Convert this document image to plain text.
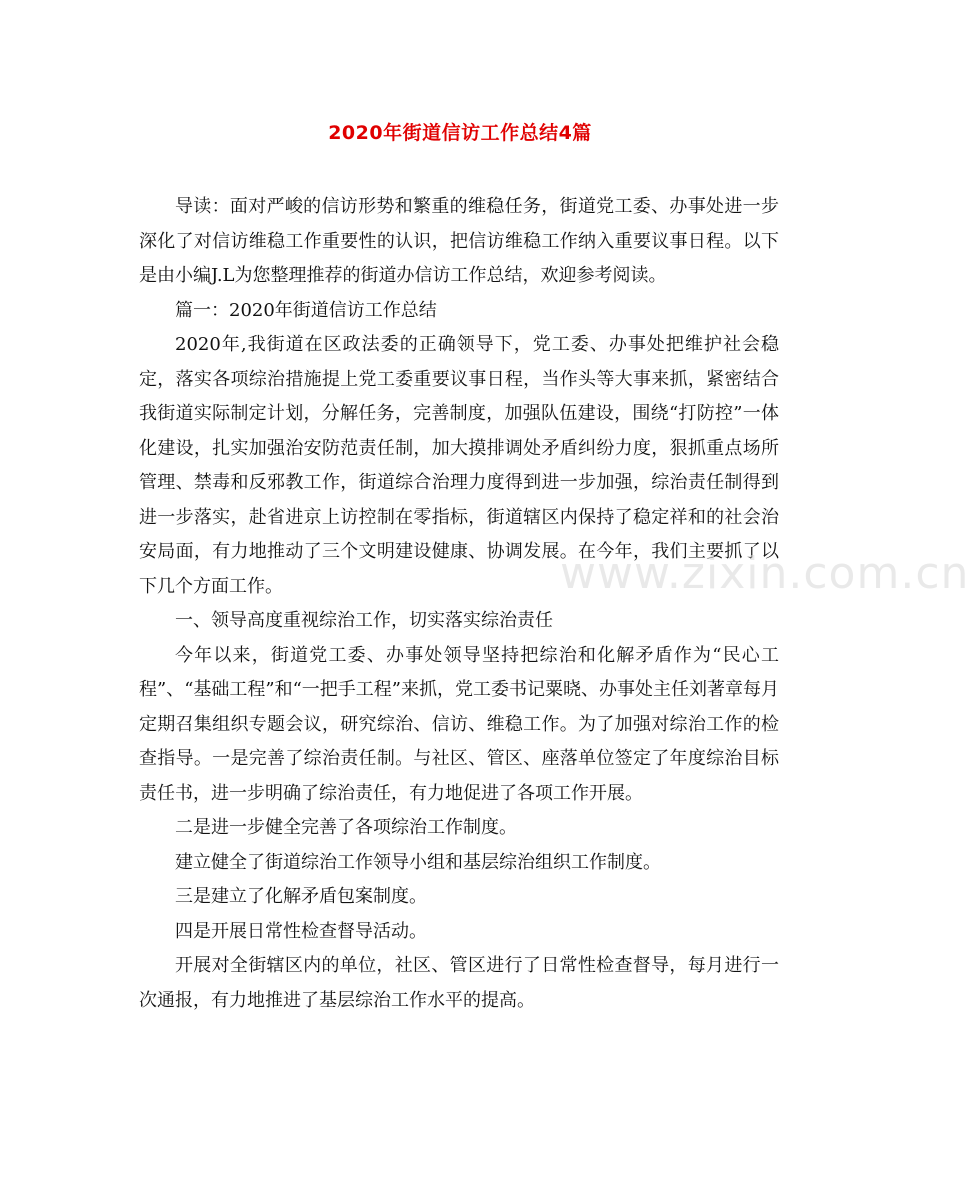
2020年街道信访工作总结4篇

导读：面对严峻的信访形势和繁重的维稳任务，街道党工委、办事处进一步深化了对信访维稳工作重要性的认识，把信访维稳工作纳入重要议事日程。以下是由小编J.L为您整理推荐的街道办信访工作总结，欢迎参考阅读。

篇一：2020年街道信访工作总结

2020年,我街道在区政法委的正确领导下，党工委、办事处把维护社会稳定，落实各项综治措施提上党工委重要议事日程，当作头等大事来抓，紧密结合我街道实际制定计划，分解任务，完善制度，加强队伍建设，围绕“打防控”一体化建设，扎实加强治安防范责任制，加大摸排调处矛盾纠纷力度，狠抓重点场所管理、禁毒和反邪教工作，街道综合治理力度得到进一步加强，综治责任制得到进一步落实，赴省进京上访控制在零指标，街道辖区内保持了稳定祥和的社会治安局面，有力地推动了三个文明建设健康、协调发展。在今年，我们主要抓了以下几个方面工作。

一、领导高度重视综治工作，切实落实综治责任

今年以来，街道党工委、办事处领导坚持把综治和化解矛盾作为“民心工程”、“基础工程”和“一把手工程”来抓，党工委书记粟晓、办事处主任刘著章每月定期召集组织专题会议，研究综治、信访、维稳工作。为了加强对综治工作的检查指导。一是完善了综治责任制。与社区、管区、座落单位签定了年度综治目标责任书，进一步明确了综治责任，有力地促进了各项工作开展。

二是进一步健全完善了各项综治工作制度。

建立健全了街道综治工作领导小组和基层综治组织工作制度。

三是建立了化解矛盾包案制度。

四是开展日常性检查督导活动。

开展对全街辖区内的单位，社区、管区进行了日常性检查督导，每月进行一次通报，有力地推进了基层综治工作水平的提高。

www.zixin.com.cn
